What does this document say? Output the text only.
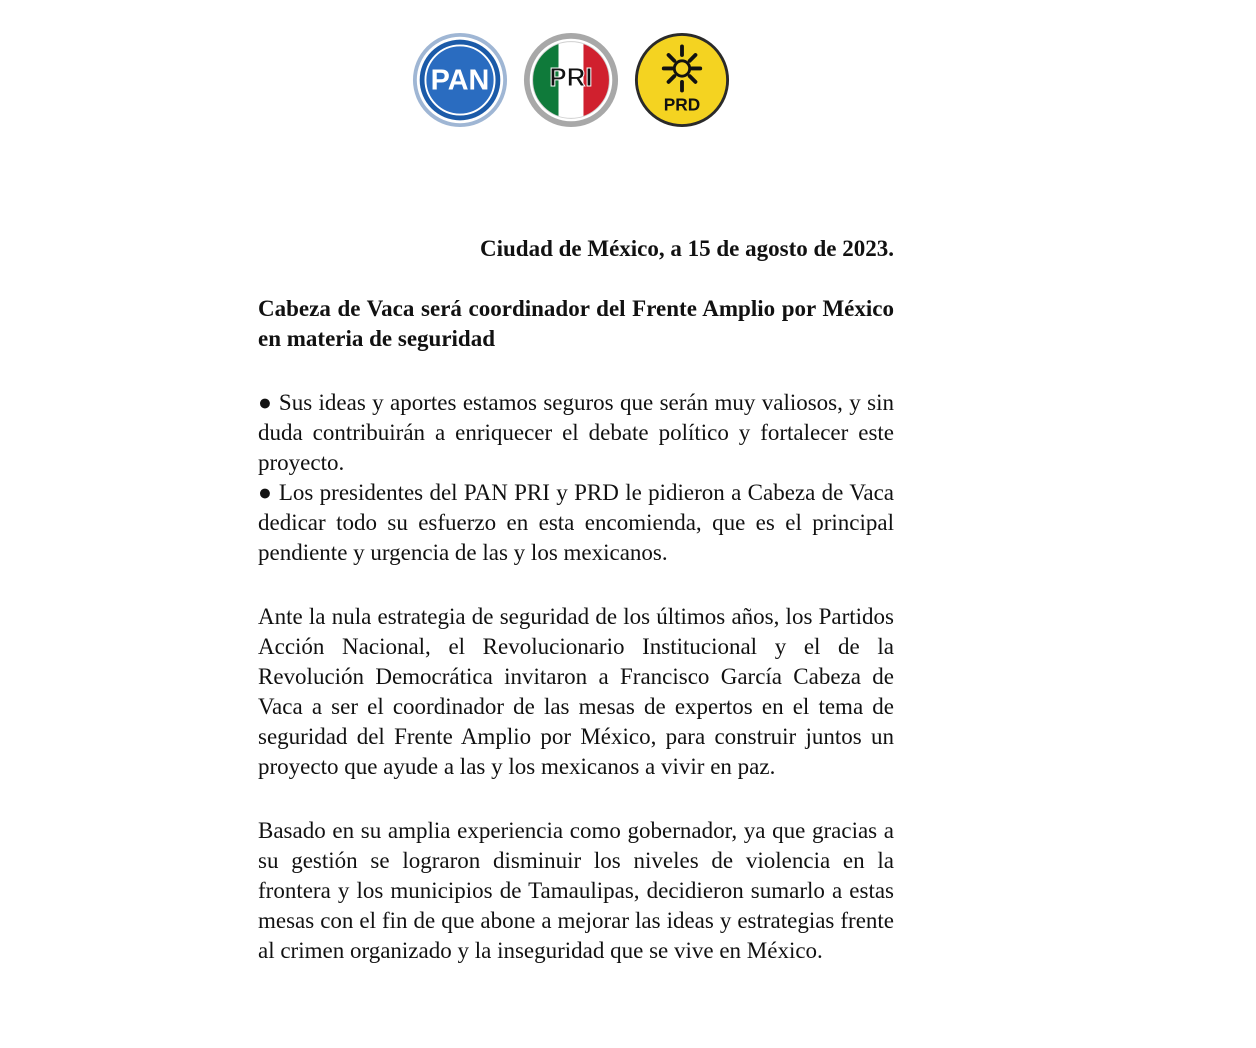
PAN PRI
PRD

Ciudad de México, a 15 de agosto de 2023.

Cabeza de Vaca será coordinador del Frente Amplio por México en materia de seguridad

● Sus ideas y aportes estamos seguros que serán muy valiosos, y sin duda contribuirán a enriquecer el debate político y fortalecer este proyecto.

● Los presidentes del PAN PRI y PRD le pidieron a Cabeza de Vaca dedicar todo su esfuerzo en esta encomienda, que es el principal pendiente y urgencia de las y los mexicanos.

Ante la nula estrategia de seguridad de los últimos años, los Partidos Acción Nacional, el Revolucionario Institucional y el de la Revolución Democrática invitaron a Francisco García Cabeza de Vaca a ser el coordinador de las mesas de expertos en el tema de seguridad del Frente Amplio por México, para construir juntos un proyecto que ayude a las y los mexicanos a vivir en paz.

Basado en su amplia experiencia como gobernador, ya que gracias a su gestión se lograron disminuir los niveles de violencia en la frontera y los municipios de Tamaulipas, decidieron sumarlo a estas mesas con el fin de que abone a mejorar las ideas y estrategias frente al crimen organizado y la inseguridad que se vive en México.
